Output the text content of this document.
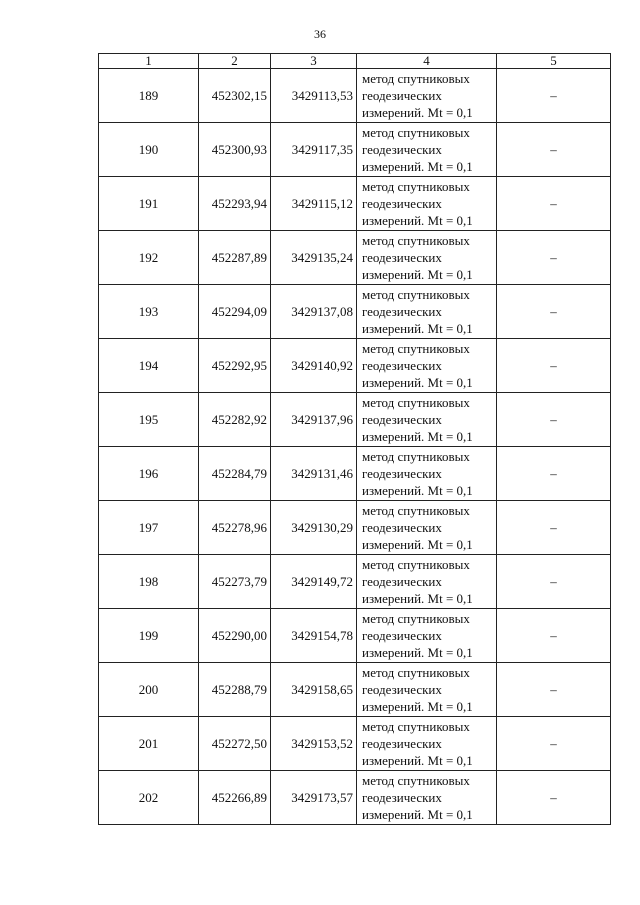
36
1	2	3	4	5
189	452302,15	3429113,53	метод спутниковых
геодезических
измерений. Mt = 0,1	–
190	452300,93	3429117,35	метод спутниковых
геодезических
измерений. Mt = 0,1	–
191	452293,94	3429115,12	метод спутниковых
геодезических
измерений. Mt = 0,1	–
192	452287,89	3429135,24	метод спутниковых
геодезических
измерений. Mt = 0,1	–
193	452294,09	3429137,08	метод спутниковых
геодезических
измерений. Mt = 0,1	–
194	452292,95	3429140,92	метод спутниковых
геодезических
измерений. Mt = 0,1	–
195	452282,92	3429137,96	метод спутниковых
геодезических
измерений. Mt = 0,1	–
196	452284,79	3429131,46	метод спутниковых
геодезических
измерений. Mt = 0,1	–
197	452278,96	3429130,29	метод спутниковых
геодезических
измерений. Mt = 0,1	–
198	452273,79	3429149,72	метод спутниковых
геодезических
измерений. Mt = 0,1	–
199	452290,00	3429154,78	метод спутниковых
геодезических
измерений. Mt = 0,1	–
200	452288,79	3429158,65	метод спутниковых
геодезических
измерений. Mt = 0,1	–
201	452272,50	3429153,52	метод спутниковых
геодезических
измерений. Mt = 0,1	–
202	452266,89	3429173,57	метод спутниковых
геодезических
измерений. Mt = 0,1	–
